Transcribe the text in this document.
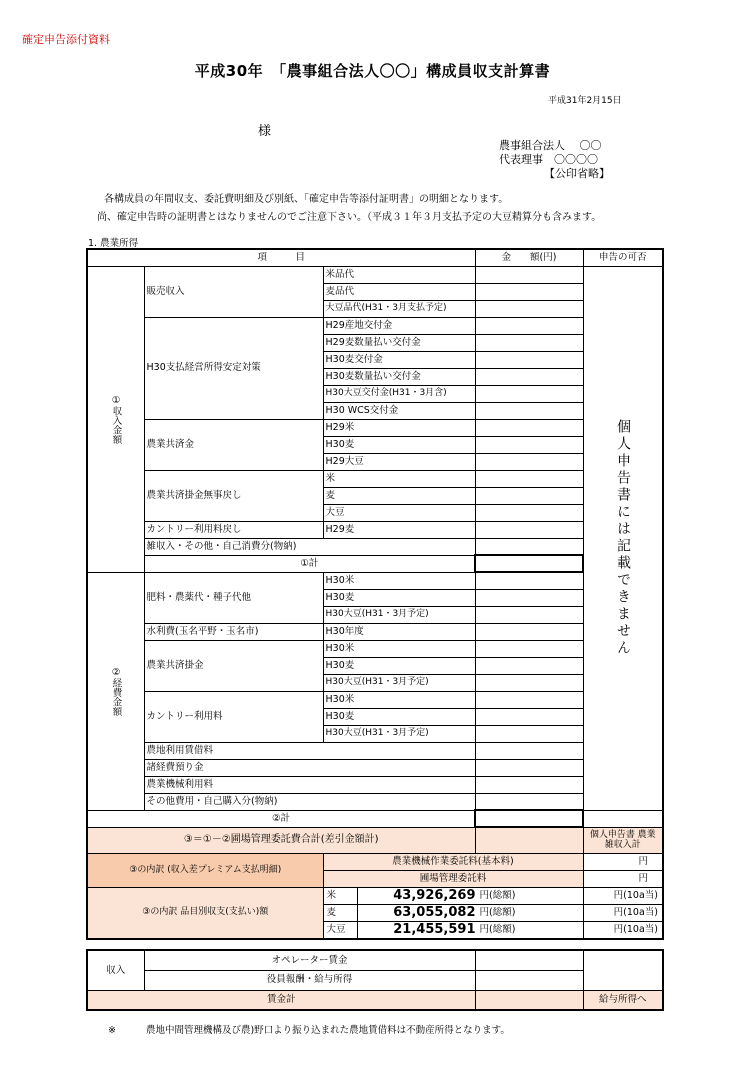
確定申告添付資料
平成30年　「農事組合法人〇〇」構成員収支計算書
平成31年2月15日
様
農事組合法人　 〇〇
代表理事　〇〇〇〇
【公印省略】
各構成員の年間収支、委託費明細及び別紙、「確定申告等添付証明書」の明細となります。
尚、確定申告時の証明書とはなりませんのでご注意下さい。（平成３１年３月支払予定の大豆精算分も含みます。
1. 農業所得
項　　　目			金　　額(円)	申告の可否
①収入金額	販売収入	米品代		個人申告書には記載できません
		麦品代		
		大豆品代(H31・3月支払予定)		
	H30支払経営所得安定対策	H29産地交付金		
		H29麦数量払い交付金		
		H30麦交付金		
		H30麦数量払い交付金		
		H30大豆交付金(H31・3月含)		
		H30 WCS交付金		
	農業共済金	H29米		
		H30麦		
		H29大豆		
	農業共済掛金無事戻し	米		
		麦		
		大豆		
	カントリー利用料戻し	H29麦		
	雑収入・その他・自己消費分(物納)			
	①計			
②経費金額	肥料・農薬代・種子代他	H30米		
		H30麦		
		H30大豆(H31・3月予定)		
	水利費(玉名平野・玉名市)	H30年度		
	農業共済掛金	H30米		
		H30麦		
		H30大豆(H31・3月予定)		
	カントリー利用料	H30米		
		H30麦		
		H30大豆(H31・3月予定)		
	農地利用賃借料			
	諸経費預り金			
	農業機械利用料			
	その他費用・自己購入分(物納)			
②計				
③＝①－②圃場管理委託費合計(差引金額計)				個人申告書 農業雑収入計
③の内訳 (収入差プレミアム支払明細)		農業機械作業委託料(基本料)		円
		圃場管理委託料		円
③の内訳 品目別収支(支払い)額		米 43,926,269 円(総額)		円(10a当)

		麦 63,055,082 円(総額)		円(10a当)

		大豆 21,455,591 円(総額)		円(10a当)
収入	オペレーター賃金		
	役員報酬・給与所得		
賃金計			給与所得へ
※	農地中間管理機構及び農)野口より振り込まれた農地賃借料は不動産所得となります。
